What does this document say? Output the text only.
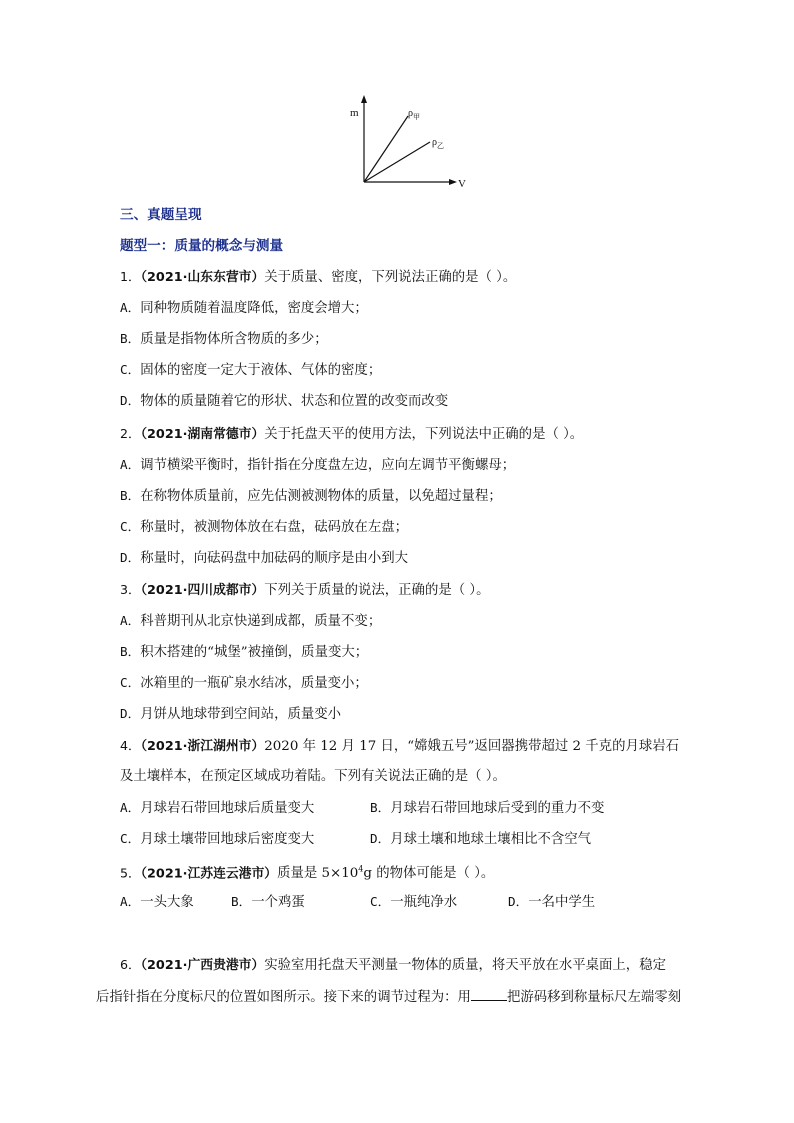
m
V
$\rho_甲$
$\rho_乙$
三、真题呈现
题型一：质量的概念与测量
1．（2021·山东东营市）关于质量、密度，下列说法正确的是（ ）。
A．同种物质随着温度降低，密度会增大；
B．质量是指物体所含物质的多少；
C．固体的密度一定大于液体、气体的密度；
D．物体的质量随着它的形状、状态和位置的改变而改变
2．（2021·湖南常德市）关于托盘天平的使用方法，下列说法中正确的是（ ）。
A．调节横梁平衡时，指针指在分度盘左边，应向左调节平衡螺母；
B．在称物体质量前，应先估测被测物体的质量，以免超过量程；
C．称量时，被测物体放在右盘，砝码放在左盘；
D．称量时，向砝码盘中加砝码的顺序是由小到大
3．（2021·四川成都市）下列关于质量的说法，正确的是（ ）。
A．科普期刊从北京快递到成都，质量不变；
B．积木搭建的“城堡”被撞倒，质量变大；
C．冰箱里的一瓶矿泉水结冰，质量变小；
D．月饼从地球带到空间站，质量变小
4．（2021·浙江湖州市）2020 年 12 月 17 日，“嫦娥五号”返回器携带超过 2 千克的月球岩石
及土壤样本，在预定区域成功着陆。下列有关说法正确的是（ ）。
A．月球岩石带回地球后质量变大	B．月球岩石带回地球后受到的重力不变
C．月球土壤带回地球后密度变大	D．月球土壤和地球土壤相比不含空气
5．（2021·江苏连云港市）质量是 $5\times 10^4g$ 的物体可能是（ ）。
A．一头大象	B．一个鸡蛋	C．一瓶纯净水	D．一名中学生
6．（2021·广西贵港市）实验室用托盘天平测量一物体的质量，将天平放在水平桌面上，稳定
后指针指在分度标尺的位置如图所示。接下来的调节过程为：用	把游码移到称量标尺左端零刻
